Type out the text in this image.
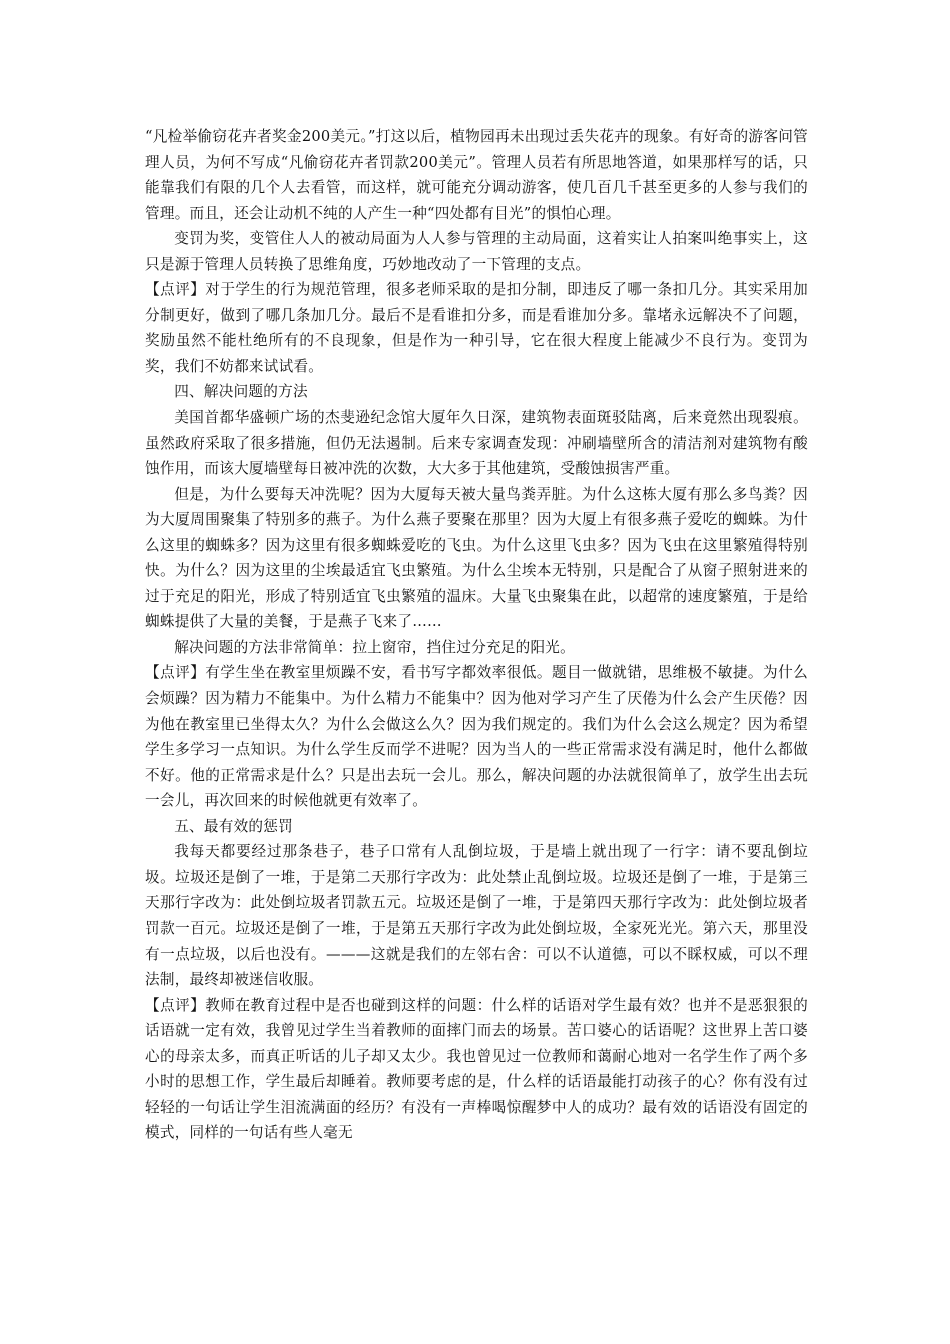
“凡检举偷窃花卉者奖金200美元。”打这以后，植物园再未出现过丢失花卉的现象。有好奇的游客问管理人员，为何不写成“凡偷窃花卉者罚款200美元”。管理人员若有所思地答道，如果那样写的话，只能靠我们有限的几个人去看管，而这样，就可能充分调动游客，使几百几千甚至更多的人参与我们的管理。而且，还会让动机不纯的人产生一种“四处都有目光”的惧怕心理。

变罚为奖，变管住人人的被动局面为人人参与管理的主动局面，这着实让人拍案叫绝事实上，这只是源于管理人员转换了思维角度，巧妙地改动了一下管理的支点。

【点评】对于学生的行为规范管理，很多老师采取的是扣分制，即违反了哪一条扣几分。其实采用加分制更好，做到了哪几条加几分。最后不是看谁扣分多，而是看谁加分多。靠堵永远解决不了问题，奖励虽然不能杜绝所有的不良现象，但是作为一种引导，它在很大程度上能减少不良行为。变罚为奖，我们不妨都来试试看。

四、解决问题的方法

美国首都华盛顿广场的杰斐逊纪念馆大厦年久日深，建筑物表面斑驳陆离，后来竟然出现裂痕。虽然政府采取了很多措施，但仍无法遏制。后来专家调查发现：冲刷墙壁所含的清洁剂对建筑物有酸蚀作用，而该大厦墙壁每日被冲洗的次数，大大多于其他建筑，受酸蚀损害严重。

但是，为什么要每天冲洗呢？因为大厦每天被大量鸟粪弄脏。为什么这栋大厦有那么多鸟粪？因为大厦周围聚集了特别多的燕子。为什么燕子要聚在那里？因为大厦上有很多燕子爱吃的蜘蛛。为什么这里的蜘蛛多？因为这里有很多蜘蛛爱吃的飞虫。为什么这里飞虫多？因为飞虫在这里繁殖得特别快。为什么？因为这里的尘埃最适宜飞虫繁殖。为什么尘埃本无特别，只是配合了从窗子照射进来的过于充足的阳光，形成了特别适宜飞虫繁殖的温床。大量飞虫聚集在此，以超常的速度繁殖，于是给蜘蛛提供了大量的美餐，于是燕子飞来了……

解决问题的方法非常简单：拉上窗帘，挡住过分充足的阳光。

【点评】有学生坐在教室里烦躁不安，看书写字都效率很低。题目一做就错，思维极不敏捷。为什么会烦躁？因为精力不能集中。为什么精力不能集中？因为他对学习产生了厌倦为什么会产生厌倦？因为他在教室里已坐得太久？为什么会做这么久？因为我们规定的。我们为什么会这么规定？因为希望学生多学习一点知识。为什么学生反而学不进呢？因为当人的一些正常需求没有满足时，他什么都做不好。他的正常需求是什么？只是出去玩一会儿。那么，解决问题的办法就很简单了，放学生出去玩一会儿，再次回来的时候他就更有效率了。

五、最有效的惩罚

我每天都要经过那条巷子，巷子口常有人乱倒垃圾，于是墙上就出现了一行字：请不要乱倒垃圾。垃圾还是倒了一堆，于是第二天那行字改为：此处禁止乱倒垃圾。垃圾还是倒了一堆，于是第三天那行字改为：此处倒垃圾者罚款五元。垃圾还是倒了一堆，于是第四天那行字改为：此处倒垃圾者罚款一百元。垃圾还是倒了一堆，于是第五天那行字改为此处倒垃圾，全家死光光。第六天，那里没有一点垃圾，以后也没有。———这就是我们的左邻右舍：可以不认道德，可以不睬权威，可以不理法制，最终却被迷信收服。

【点评】教师在教育过程中是否也碰到这样的问题：什么样的话语对学生最有效？也并不是恶狠狠的话语就一定有效，我曾见过学生当着教师的面摔门而去的场景。苦口婆心的话语呢？这世界上苦口婆心的母亲太多，而真正听话的儿子却又太少。我也曾见过一位教师和蔼耐心地对一名学生作了两个多小时的思想工作，学生最后却睡着。教师要考虑的是，什么样的话语最能打动孩子的心？你有没有过轻轻的一句话让学生泪流满面的经历？有没有一声棒喝惊醒梦中人的成功？最有效的话语没有固定的模式，同样的一句话有些人毫无
